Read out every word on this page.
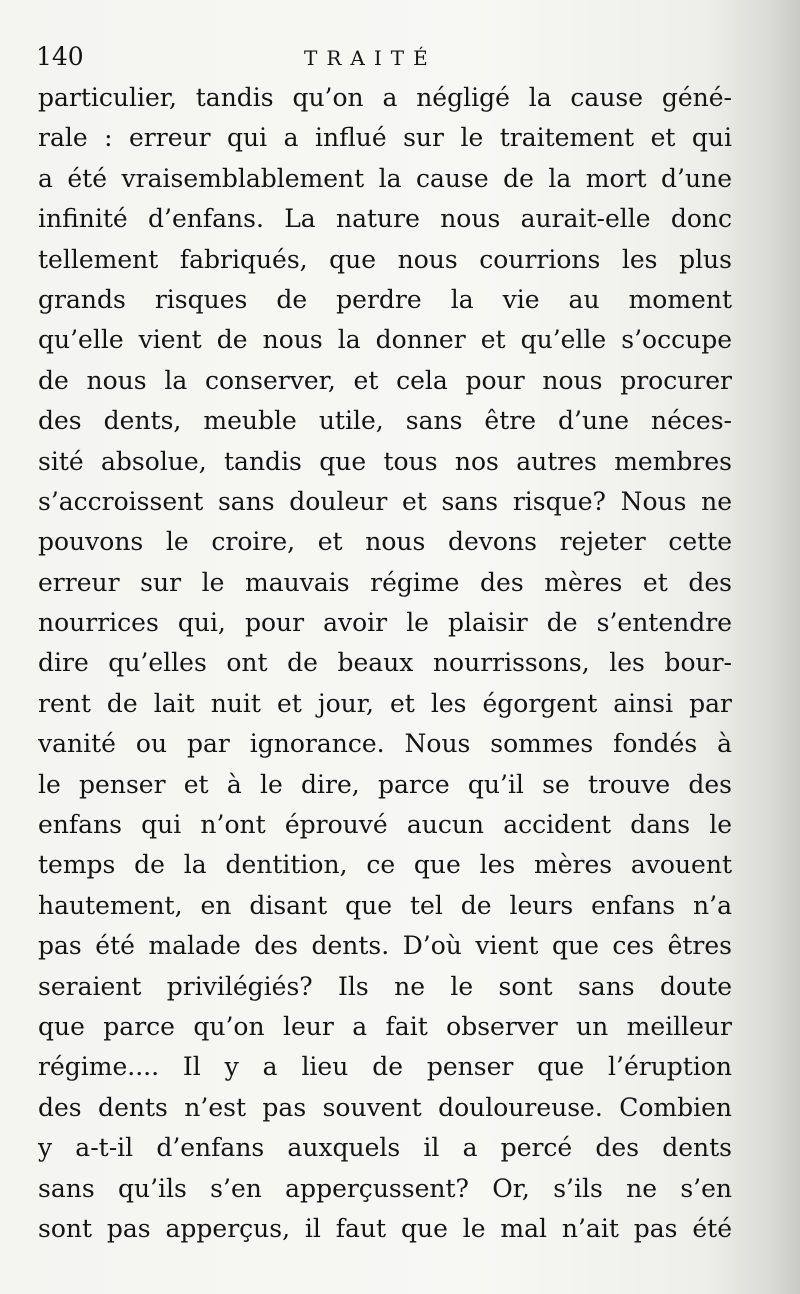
140	TRAITÉ
particulier, tandis qu’on a négligé la cause géné-
rale : erreur qui a influé sur le traitement et qui
a été vraisemblablement la cause de la mort d’une
infinité d’enfans. La nature nous aurait-elle donc
tellement fabriqués, que nous courrions les plus
grands risques de perdre la vie au moment
qu’elle vient de nous la donner et qu’elle s’occupe
de nous la conserver, et cela pour nous procurer
des dents, meuble utile, sans être d’une néces-
sité absolue, tandis que tous nos autres membres
s’accroissent sans douleur et sans risque? Nous ne
pouvons le croire, et nous devons rejeter cette
erreur sur le mauvais régime des mères et des
nourrices qui, pour avoir le plaisir de s’entendre
dire qu’elles ont de beaux nourrissons, les bour-
rent de lait nuit et jour, et les égorgent ainsi par
vanité ou par ignorance. Nous sommes fondés à
le penser et à le dire, parce qu’il se trouve des
enfans qui n’ont éprouvé aucun accident dans le
temps de la dentition, ce que les mères avouent
hautement, en disant que tel de leurs enfans n’a
pas été malade des dents. D’où vient que ces êtres
seraient privilégiés? Ils ne le sont sans doute
que parce qu’on leur a fait observer un meilleur
régime.... Il y a lieu de penser que l’éruption
des dents n’est pas souvent douloureuse. Combien
y a-t-il d’enfans auxquels il a percé des dents
sans qu’ils s’en apperçussent? Or, s’ils ne s’en
sont pas apperçus, il faut que le mal n’ait pas été
